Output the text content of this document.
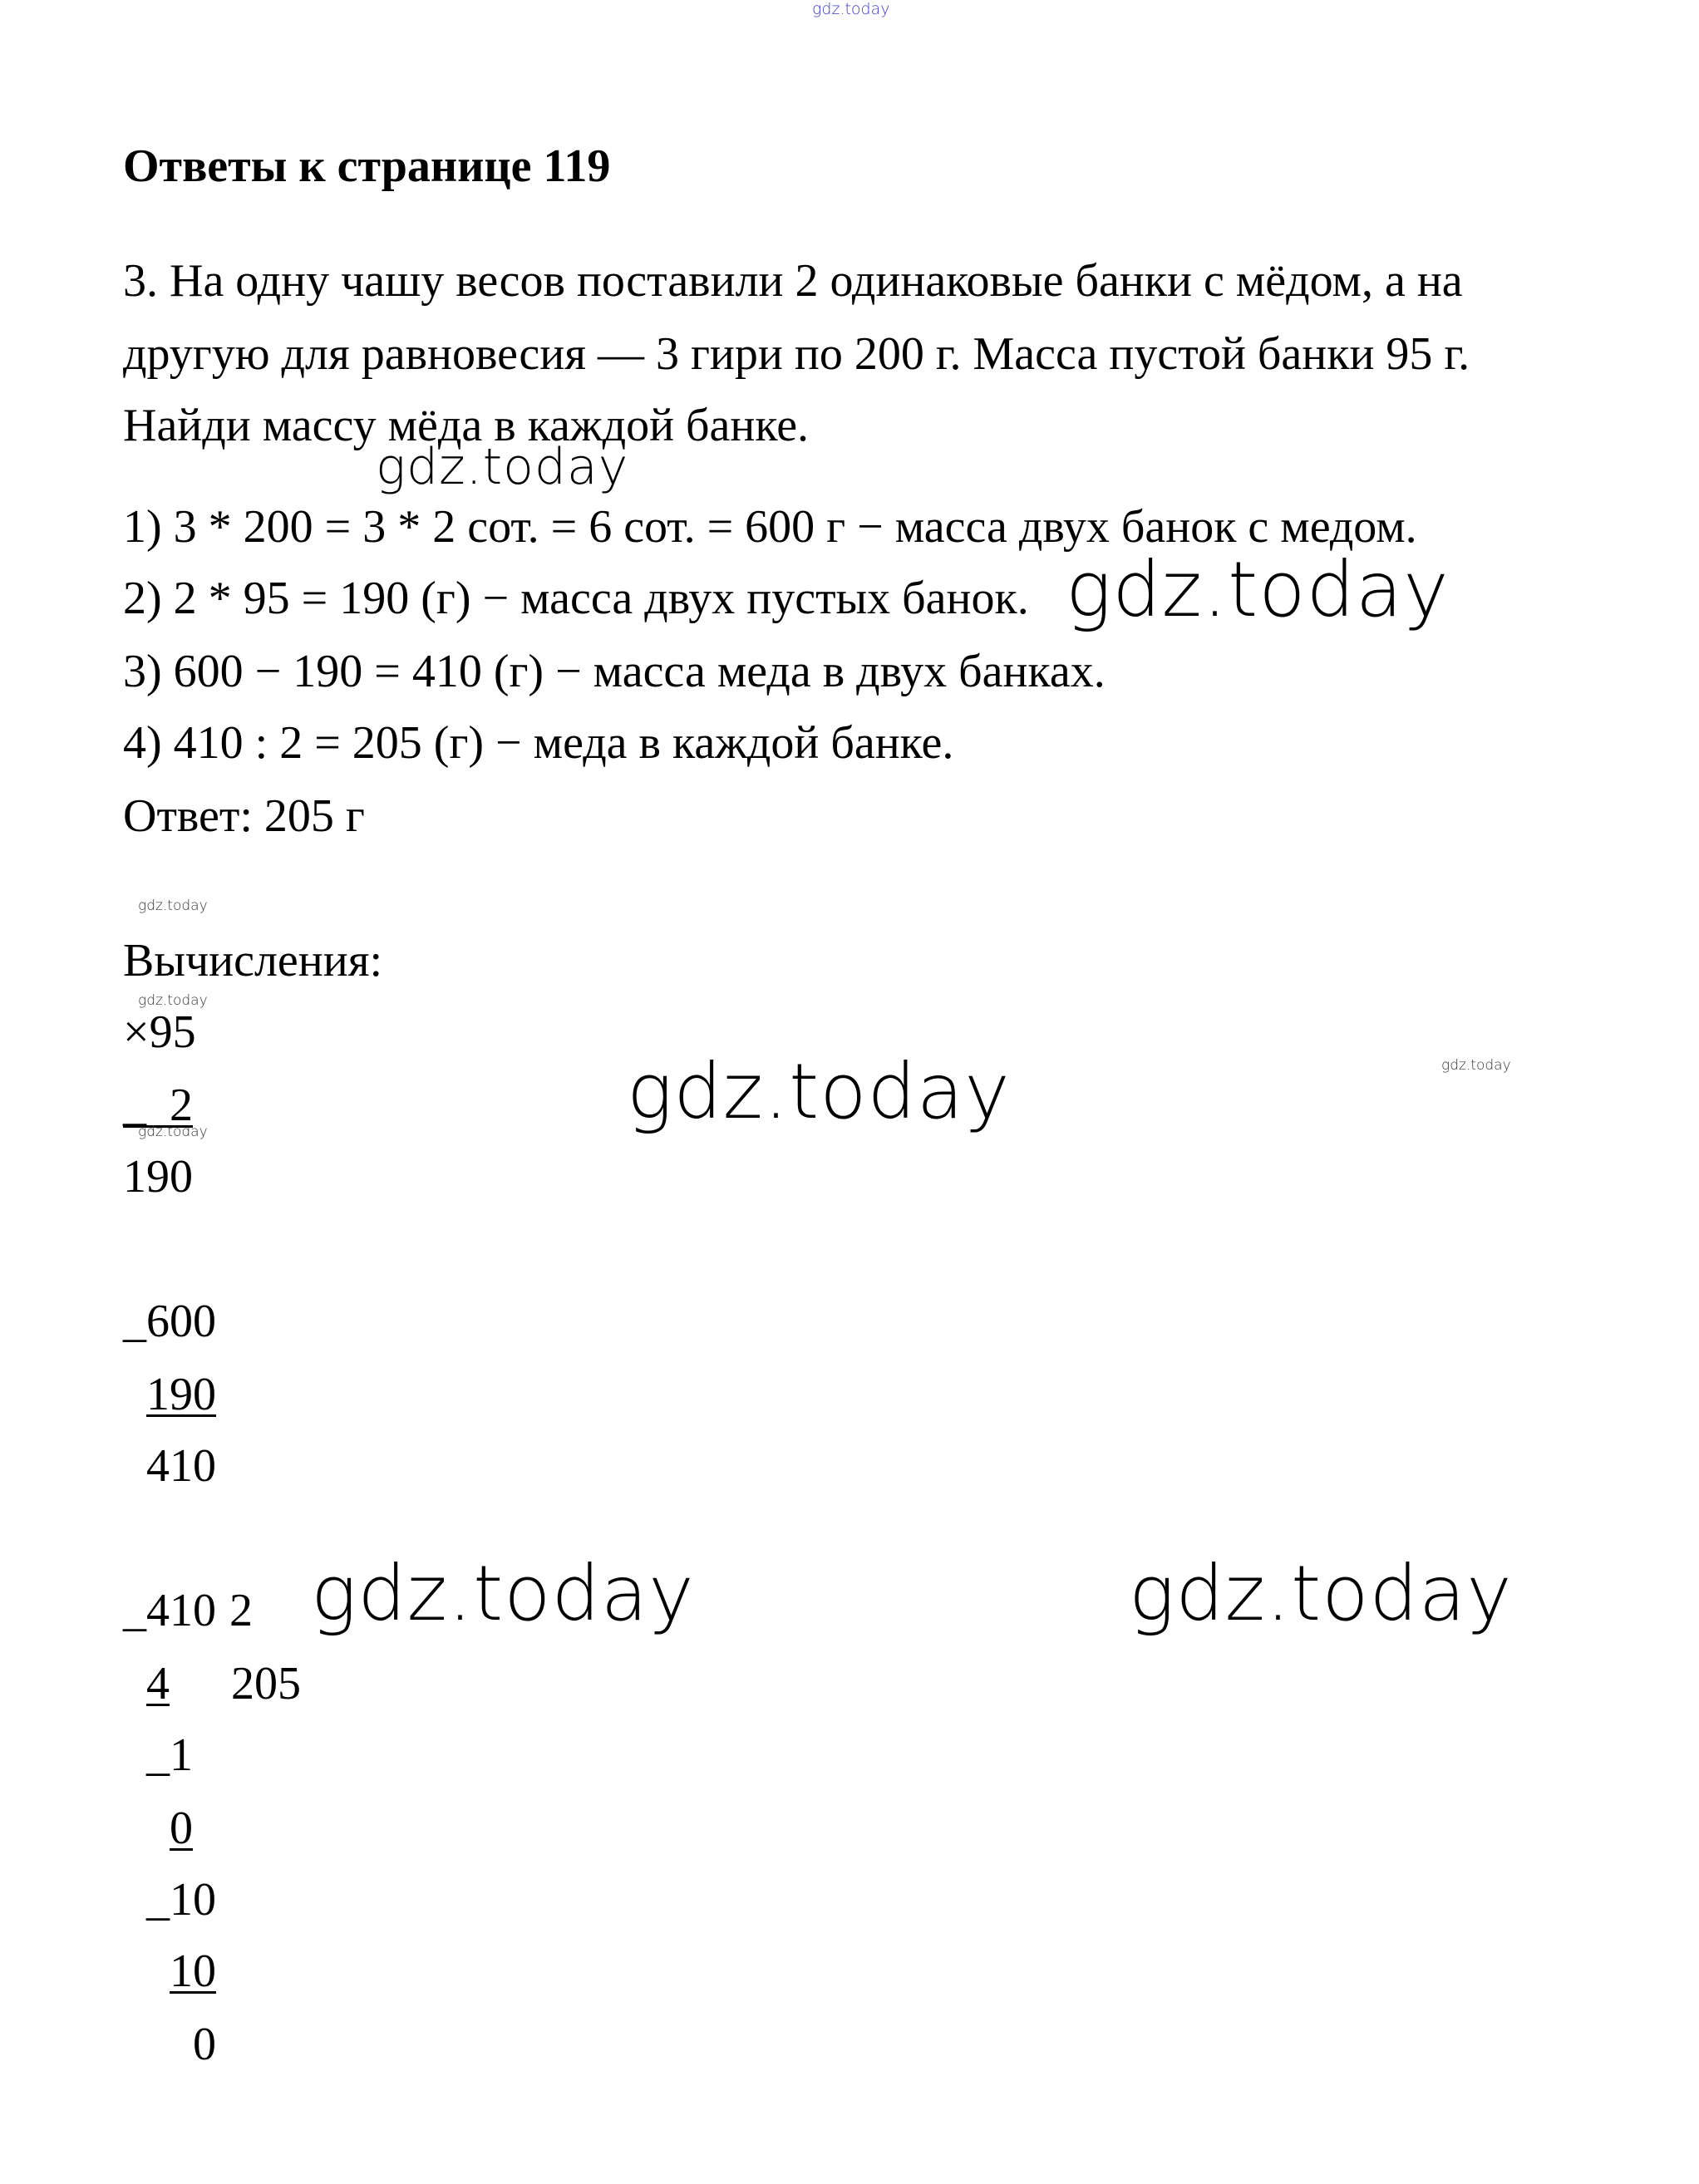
gdz.today
Ответы к странице 119
3. На одну чашу весов поставили 2 одинаковые банки с мёдом, а на
другую для равновесия — 3 гири по 200 г. Масса пустой банки 95 г.
Найди массу мёда в каждой банке.
1) 3 * 200 = 3 * 2 сот. = 6 сот. = 600 г − масса двух банок с медом.
2) 2 * 95 = 190 (г) − масса двух пустых банок.
3) 600 − 190 = 410 (г) − масса меда в двух банках.
4) 410 : 2 = 205 (г) − меда в каждой банке.
Ответ: 205 г
Вычисления:
×95
_ 2
190
_600
190
410
_410 2
4 205
_1
0
_10
10
0
gdz.today
gdz.today
gdz.today
gdz.today
gdz.today
gdz.today	gdz.today
gdz.today	gdz.today
